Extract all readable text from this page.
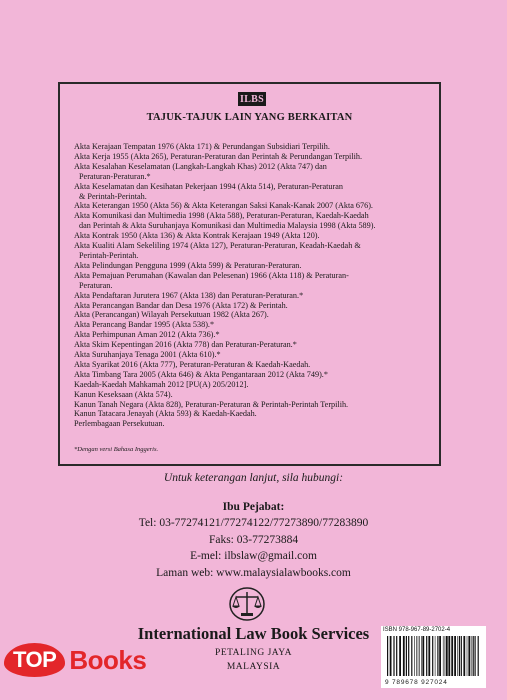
ILBS
TAJUK-TAJUK LAIN YANG BERKAITAN
Akta Kerajaan Tempatan 1976 (Akta 171) & Perundangan Subsidiari Terpilih.
Akta Kerja 1955 (Akta 265), Peraturan-Peraturan dan Perintah & Perundangan Terpilih.
Akta Kesalahan Keselamatan (Langkah-Langkah Khas) 2012 (Akta 747) dan
Peraturan-Peraturan.*
Akta Keselamatan dan Kesihatan Pekerjaan 1994 (Akta 514), Peraturan-Peraturan
& Perintah-Perintah.
Akta Keterangan 1950 (Akta 56) & Akta Keterangan Saksi Kanak-Kanak 2007 (Akta 676).
Akta Komunikasi dan Multimedia 1998 (Akta 588), Peraturan-Peraturan, Kaedah-Kaedah
dan Perintah & Akta Suruhanjaya Komunikasi dan Multimedia Malaysia 1998 (Akta 589).
Akta Kontrak 1950 (Akta 136) & Akta Kontrak Kerajaan 1949 (Akta 120).
Akta Kualiti Alam Sekeliling 1974 (Akta 127), Peraturan-Peraturan, Keadah-Kaedah &
Perintah-Perintah.
Akta Pelindungan Pengguna 1999 (Akta 599) & Peraturan-Peraturan.
Akta Pemajuan Perumahan (Kawalan dan Pelesenan) 1966 (Akta 118) & Peraturan-
Peraturan.
Akta Pendaftaran Jurutera 1967 (Akta 138) dan Peraturan-Peraturan.*
Akta Perancangan Bandar dan Desa 1976 (Akta 172) & Perintah.
Akta (Perancangan) Wilayah Persekutuan 1982 (Akta 267).
Akta Perancang Bandar 1995 (Akta 538).*
Akta Perhimpunan Aman 2012 (Akta 736).*
Akta Skim Kepentingan 2016 (Akta 778) dan Peraturan-Peraturan.*
Akta Suruhanjaya Tenaga 2001 (Akta 610).*
Akta Syarikat 2016 (Akta 777), Peraturan-Peraturan & Kaedah-Kaedah.
Akta Timbang Tara 2005 (Akta 646) & Akta Pengantaraan 2012 (Akta 749).*
Kaedah-Kaedah Mahkamah 2012 [PU(A) 205/2012].
Kanun Keseksaan (Akta 574).
Kanun Tanah Negara (Akta 828), Peraturan-Peraturan & Perintah-Perintah Terpilih.
Kanun Tatacara Jenayah (Akta 593) & Kaedah-Kaedah.
Perlembagaan Persekutuan.
*Dengan versi Bahasa Inggeris.
Untuk keterangan lanjut, sila hubungi:
Ibu Pejabat:
Tel: 03-77274121/77274122/77273890/77283890
Faks: 03-77273884
E-mel: ilbslaw@gmail.com
Laman web: www.malaysialawbooks.com
International Law Book Services
PETALING JAYA
MALAYSIA
ISBN 978-967-89-2702-4
9 789678 927024
TOP Books
